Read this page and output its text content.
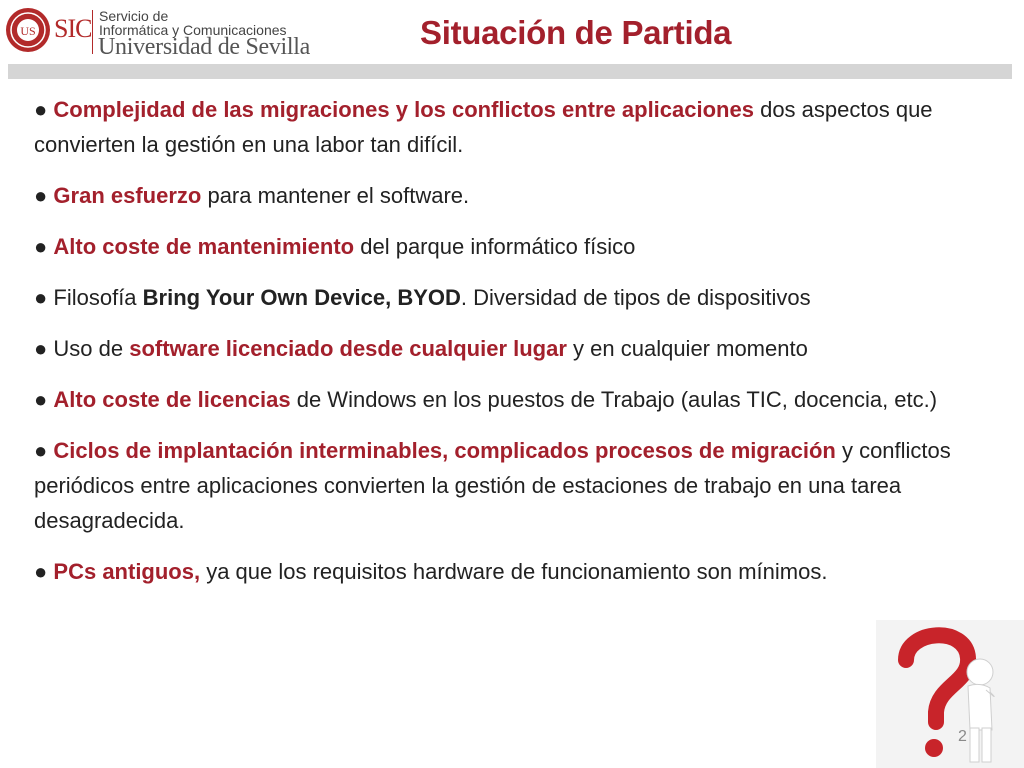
US SIC Servicio de
Informática y Comunicaciones
Universidad de Sevilla	Situación de Partida
● Complejidad de las migraciones y los conflictos entre aplicaciones dos aspectos que convierten la gestión en una labor tan difícil.
● Gran esfuerzo para mantener el software.
● Alto coste de mantenimiento del parque informático físico
● Filosofía Bring Your Own Device, BYOD. Diversidad de tipos de dispositivos
● Uso de software licenciado desde cualquier lugar y en cualquier momento
● Alto coste de licencias de Windows en los puestos de Trabajo (aulas TIC, docencia, etc.)
● Ciclos de implantación interminables, complicados procesos de migración y conflictos periódicos entre aplicaciones convierten la gestión de estaciones de trabajo en una tarea desagradecida.
● PCs antiguos, ya que los requisitos hardware de funcionamiento son mínimos.
2
